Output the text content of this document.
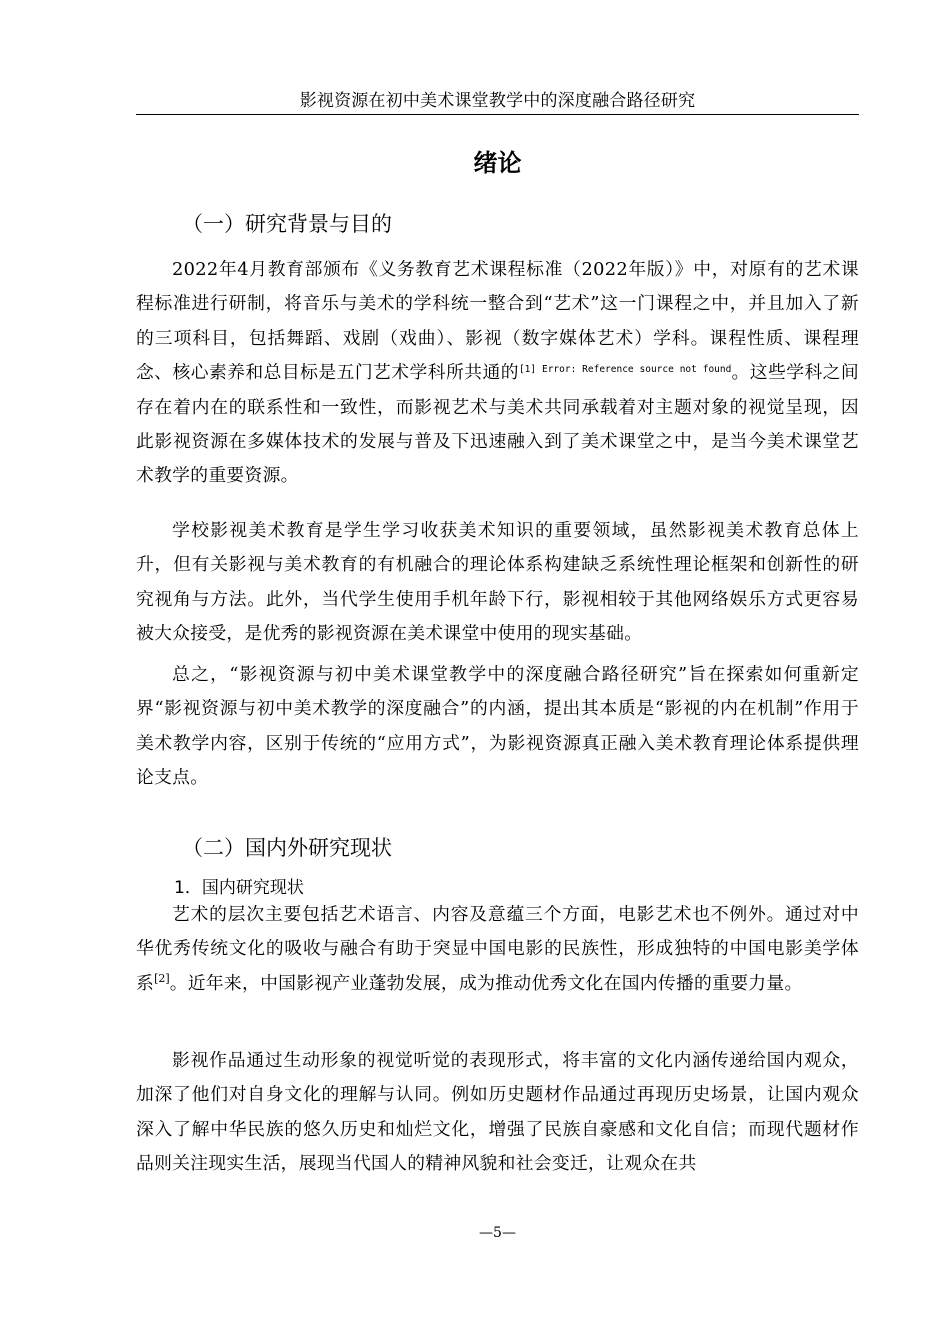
影视资源在初中美术课堂教学中的深度融合路径研究
绪论
（一）研究背景与目的

2022年4月教育部颁布《义务教育艺术课程标准（2022年版）》中，对原有的艺术课程标准进行研制，将音乐与美术的学科统一整合到“艺术”这一门课程之中，并且加入了新的三项科目，包括舞蹈、戏剧（戏曲）、影视（数字媒体艺术）学科。课程性质、课程理念、核心素养和总目标是五门艺术学科所共通的$^{[1] Error: Reference source not found}$。这些学科之间存在着内在的联系性和一致性，而影视艺术与美术共同承载着对主题对象的视觉呈现，因此影视资源在多媒体技术的发展与普及下迅速融入到了美术课堂之中，是当今美术课堂艺术教学的重要资源。

学校影视美术教育是学生学习收获美术知识的重要领域，虽然影视美术教育总体上升，但有关影视与美术教育的有机融合的理论体系构建缺乏系统性理论框架和创新性的研究视角与方法。此外，当代学生使用手机年龄下行，影视相较于其他网络娱乐方式更容易被大众接受，是优秀的影视资源在美术课堂中使用的现实基础。

总之，“影视资源与初中美术课堂教学中的深度融合路径研究”旨在探索如何重新定界“影视资源与初中美术教学的深度融合”的内涵，提出其本质是“影视的内在机制”作用于美术教学内容，区别于传统的“应用方式”，为影视资源真正融入美术教育理论体系提供理论支点。

（二）国内外研究现状
1．国内研究现状

艺术的层次主要包括艺术语言、内容及意蕴三个方面，电影艺术也不例外。通过对中华优秀传统文化的吸收与融合有助于突显中国电影的民族性，形成独特的中国电影美学体系[2]。近年来，中国影视产业蓬勃发展，成为推动优秀文化在国内传播的重要力量。

影视作品通过生动形象的视觉听觉的表现形式，将丰富的文化内涵传递给国内观众，加深了他们对自身文化的理解与认同。例如历史题材作品通过再现历史场景，让国内观众深入了解中华民族的悠久历史和灿烂文化，增强了民族自豪感和文化自信；而现代题材作品则关注现实生活，展现当代国人的精神风貌和社会变迁，让观众在共

—5—
